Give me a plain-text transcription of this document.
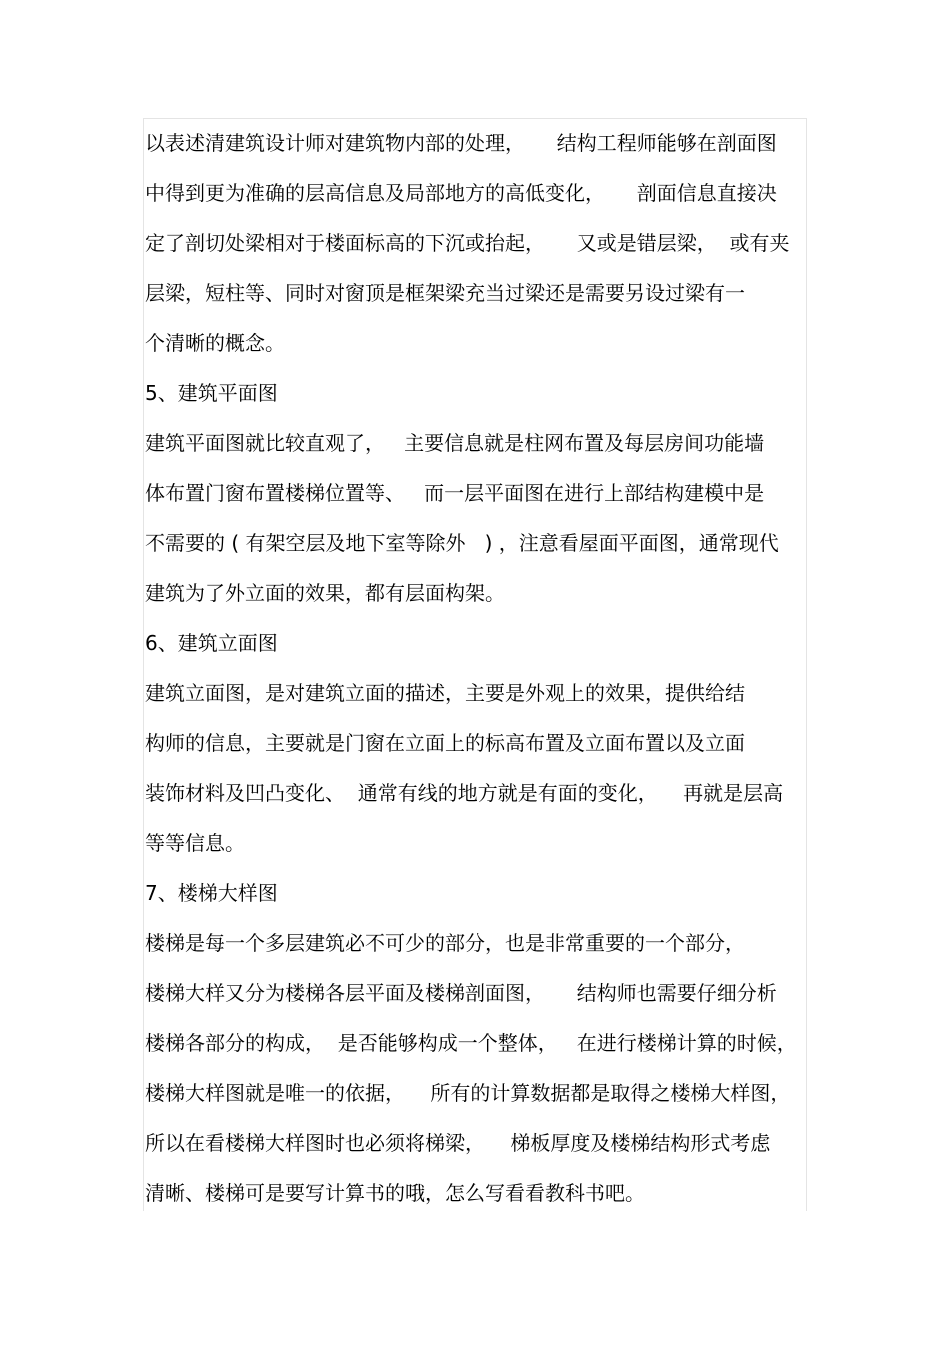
以表述清建筑设计师对建筑物内部的处理，     结构工程师能够在剖面图
中得到更为准确的层高信息及局部地方的高低变化，     剖面信息直接决
定了剖切处梁相对于楼面标高的下沉或抬起，     又或是错层梁，  或有夹
层梁，短柱等、同时对窗顶是框架梁充当过梁还是需要另设过梁有一
个清晰的概念。
5、建筑平面图
建筑平面图就比较直观了，   主要信息就是柱网布置及每层房间功能墙
体布置门窗布置楼梯位置等、   而一层平面图在进行上部结构建模中是
不需要的 ( 有架空层及地下室等除外   ) ，注意看屋面平面图，通常现代
建筑为了外立面的效果，都有层面构架。
6、建筑立面图
建筑立面图，是对建筑立面的描述，主要是外观上的效果，提供给结
构师的信息，主要就是门窗在立面上的标高布置及立面布置以及立面
装饰材料及凹凸变化、  通常有线的地方就是有面的变化，    再就是层高
等等信息。
7、楼梯大样图
楼梯是每一个多层建筑必不可少的部分，也是非常重要的一个部分，
楼梯大样又分为楼梯各层平面及楼梯剖面图，     结构师也需要仔细分析
楼梯各部分的构成，  是否能够构成一个整体，   在进行楼梯计算的时候，
楼梯大样图就是唯一的依据，    所有的计算数据都是取得之楼梯大样图，
所以在看楼梯大样图时也必须将梯梁，    梯板厚度及楼梯结构形式考虑
清晰、楼梯可是要写计算书的哦，怎么写看看教科书吧。
